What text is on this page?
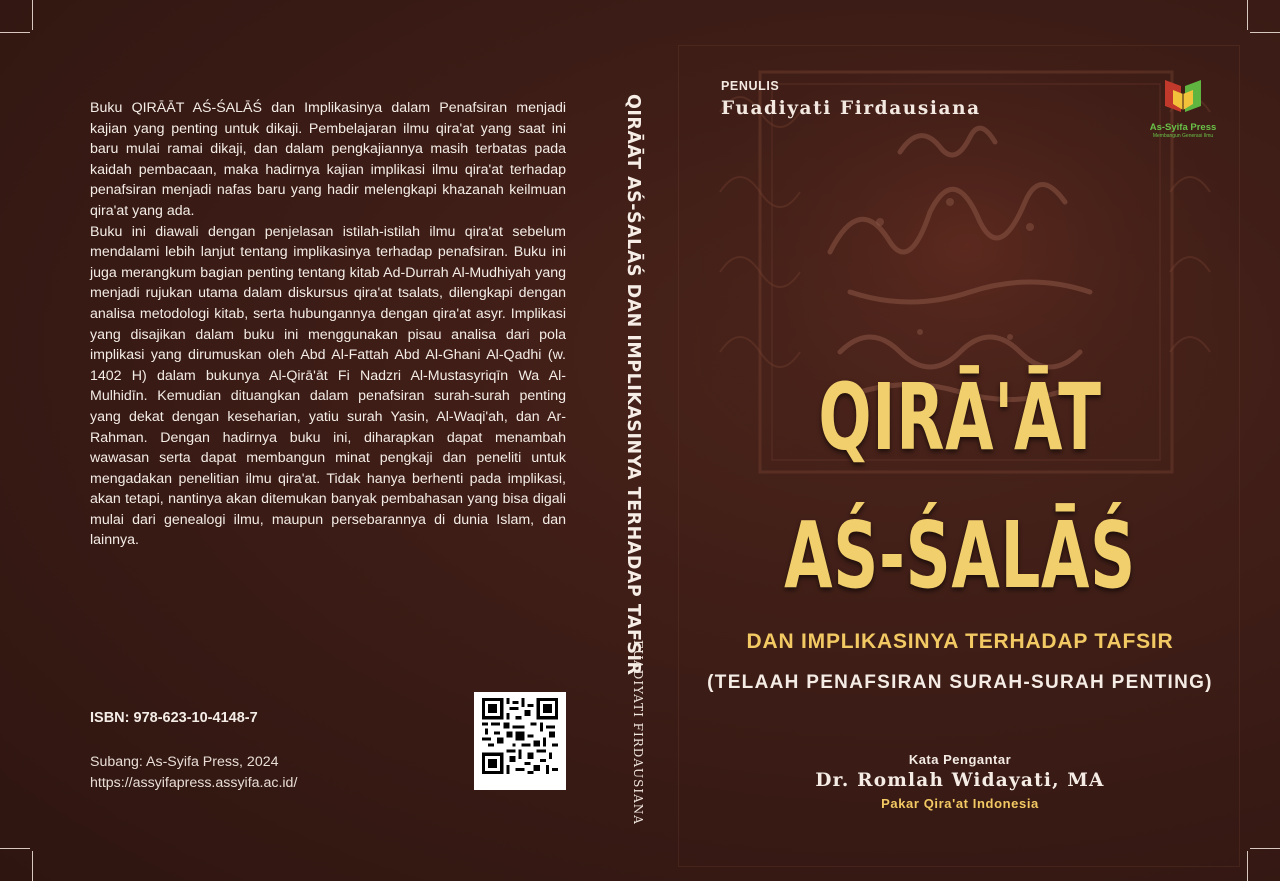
Buku QIRĀĀT AŚ-ŚALĀŚ dan Implikasinya dalam Penafsiran menjadi kajian yang penting untuk dikaji. Pembelajaran ilmu qira'at yang saat ini baru mulai ramai dikaji, dan dalam pengkajiannya masih terbatas pada kaidah pembacaan, maka hadirnya kajian implikasi ilmu qira'at terhadap penafsiran menjadi nafas baru yang hadir melengkapi khazanah keilmuan qira'at yang ada.

Buku ini diawali dengan penjelasan istilah-istilah ilmu qira'at sebelum mendalami lebih lanjut tentang implikasinya terhadap penafsiran. Buku ini juga merangkum bagian penting tentang kitab Ad-Durrah Al-Mudhiyah yang menjadi rujukan utama dalam diskursus qira'at tsalats, dilengkapi dengan analisa metodologi kitab, serta hubungannya dengan qira'at asyr. Implikasi yang disajikan dalam buku ini menggunakan pisau analisa dari pola implikasi yang dirumuskan oleh Abd Al-Fattah Abd Al-Ghani Al-Qadhi (w. 1402 H) dalam bukunya Al-Qirā'āt Fi Nadzri Al-Mustasyriqīn Wa Al-Mulhidīn. Kemudian dituangkan dalam penafsiran surah-surah penting yang dekat dengan keseharian, yatiu surah Yasin, Al-Waqi'ah, dan Ar-Rahman. Dengan hadirnya buku ini, diharapkan dapat menambah wawasan serta dapat membangun minat pengkaji dan peneliti untuk mengadakan penelitian ilmu qira'at. Tidak hanya berhenti pada implikasi, akan tetapi, nantinya akan ditemukan banyak pembahasan yang bisa digali mulai dari genealogi ilmu, maupun persebarannya di dunia Islam, dan lainnya.

ISBN: 978-623-10-4148-7
Subang: As-Syifa Press, 2024
https://assyifapress.assyifa.ac.id/
QIRĀĀT AŚ-ŚALĀŚ DAN IMPLIKASINYA TERHADAP TAFSIR
FUADIYATI FIRDAUSIANA
PENULIS
Fuadiyati Firdausiana
As-Syifa Press
Membangun Generasi Ilmu
QIRĀ'ĀT
AŚ-ŚALĀŚ
DAN IMPLIKASINYA TERHADAP TAFSIR
(TELAAH PENAFSIRAN SURAH-SURAH PENTING)
Kata Pengantar
Dr. Romlah Widayati, MA
Pakar Qira'at Indonesia
